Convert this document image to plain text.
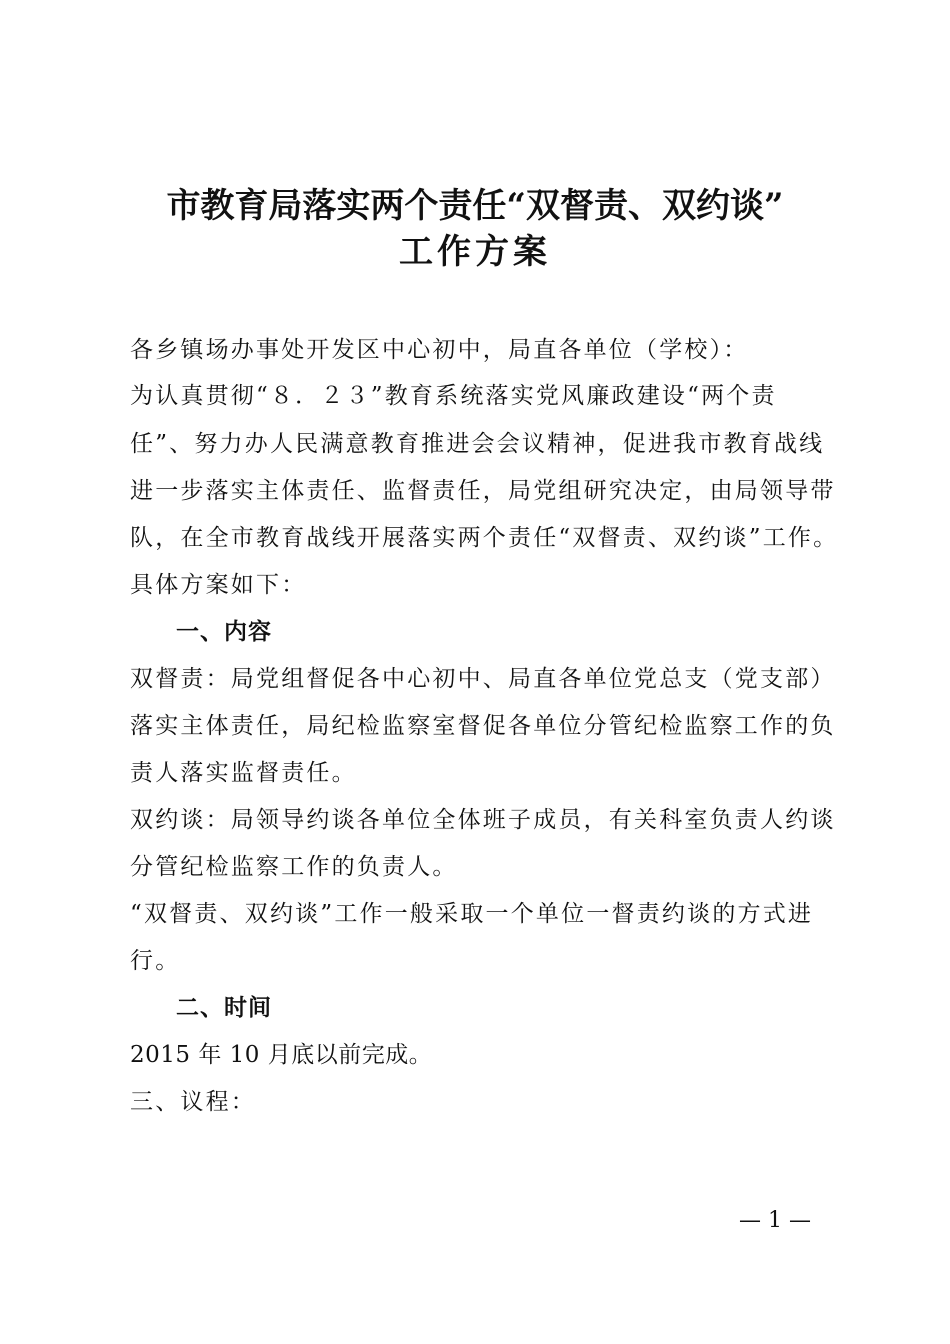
市教育局落实两个责任“双督责、双约谈”
工作方案

各乡镇场办事处开发区中心初中，局直各单位（学校）：

为认真贯彻“８．２３”教育系统落实党风廉政建设“两个责

任”、努力办人民满意教育推进会会议精神，促进我市教育战线

进一步落实主体责任、监督责任，局党组研究决定，由局领导带

队，在全市教育战线开展落实两个责任“双督责、双约谈”工作。

具体方案如下：

一、内容

双督责：局党组督促各中心初中、局直各单位党总支（党支部）

落实主体责任，局纪检监察室督促各单位分管纪检监察工作的负

责人落实监督责任。

双约谈：局领导约谈各单位全体班子成员，有关科室负责人约谈

分管纪检监察工作的负责人。

“双督责、双约谈”工作一般采取一个单位一督责约谈的方式进

行。

二、时间

2015 年 10 月底以前完成。

三、议程：

— 1 —
